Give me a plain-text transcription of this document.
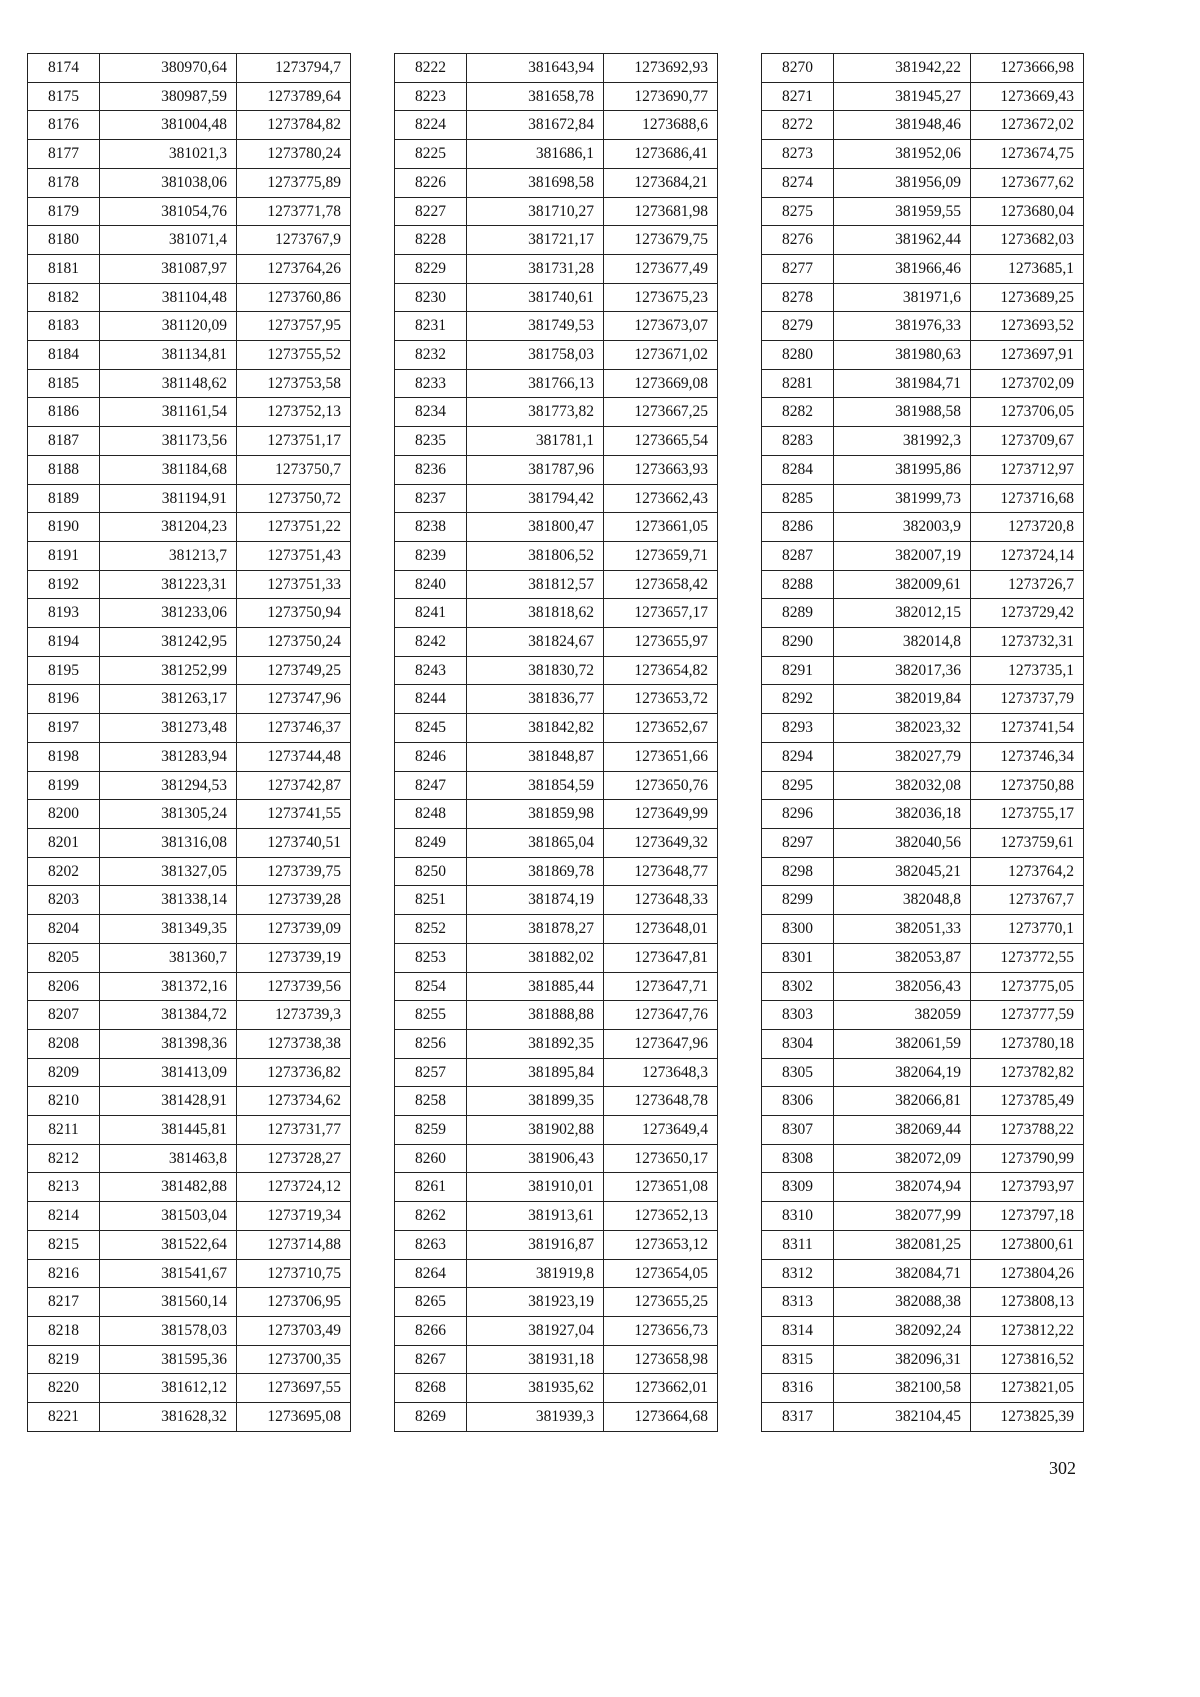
8174	380970,64	1273794,7
8175	380987,59	1273789,64
8176	381004,48	1273784,82
8177	381021,3	1273780,24
8178	381038,06	1273775,89
8179	381054,76	1273771,78
8180	381071,4	1273767,9
8181	381087,97	1273764,26
8182	381104,48	1273760,86
8183	381120,09	1273757,95
8184	381134,81	1273755,52
8185	381148,62	1273753,58
8186	381161,54	1273752,13
8187	381173,56	1273751,17
8188	381184,68	1273750,7
8189	381194,91	1273750,72
8190	381204,23	1273751,22
8191	381213,7	1273751,43
8192	381223,31	1273751,33
8193	381233,06	1273750,94
8194	381242,95	1273750,24
8195	381252,99	1273749,25
8196	381263,17	1273747,96
8197	381273,48	1273746,37
8198	381283,94	1273744,48
8199	381294,53	1273742,87
8200	381305,24	1273741,55
8201	381316,08	1273740,51
8202	381327,05	1273739,75
8203	381338,14	1273739,28
8204	381349,35	1273739,09
8205	381360,7	1273739,19
8206	381372,16	1273739,56
8207	381384,72	1273739,3
8208	381398,36	1273738,38
8209	381413,09	1273736,82
8210	381428,91	1273734,62
8211	381445,81	1273731,77
8212	381463,8	1273728,27
8213	381482,88	1273724,12
8214	381503,04	1273719,34
8215	381522,64	1273714,88
8216	381541,67	1273710,75
8217	381560,14	1273706,95
8218	381578,03	1273703,49
8219	381595,36	1273700,35
8220	381612,12	1273697,55
8221	381628,32	1273695,08
8222	381643,94	1273692,93
8223	381658,78	1273690,77
8224	381672,84	1273688,6
8225	381686,1	1273686,41
8226	381698,58	1273684,21
8227	381710,27	1273681,98
8228	381721,17	1273679,75
8229	381731,28	1273677,49
8230	381740,61	1273675,23
8231	381749,53	1273673,07
8232	381758,03	1273671,02
8233	381766,13	1273669,08
8234	381773,82	1273667,25
8235	381781,1	1273665,54
8236	381787,96	1273663,93
8237	381794,42	1273662,43
8238	381800,47	1273661,05
8239	381806,52	1273659,71
8240	381812,57	1273658,42
8241	381818,62	1273657,17
8242	381824,67	1273655,97
8243	381830,72	1273654,82
8244	381836,77	1273653,72
8245	381842,82	1273652,67
8246	381848,87	1273651,66
8247	381854,59	1273650,76
8248	381859,98	1273649,99
8249	381865,04	1273649,32
8250	381869,78	1273648,77
8251	381874,19	1273648,33
8252	381878,27	1273648,01
8253	381882,02	1273647,81
8254	381885,44	1273647,71
8255	381888,88	1273647,76
8256	381892,35	1273647,96
8257	381895,84	1273648,3
8258	381899,35	1273648,78
8259	381902,88	1273649,4
8260	381906,43	1273650,17
8261	381910,01	1273651,08
8262	381913,61	1273652,13
8263	381916,87	1273653,12
8264	381919,8	1273654,05
8265	381923,19	1273655,25
8266	381927,04	1273656,73
8267	381931,18	1273658,98
8268	381935,62	1273662,01
8269	381939,3	1273664,68
8270	381942,22	1273666,98
8271	381945,27	1273669,43
8272	381948,46	1273672,02
8273	381952,06	1273674,75
8274	381956,09	1273677,62
8275	381959,55	1273680,04
8276	381962,44	1273682,03
8277	381966,46	1273685,1
8278	381971,6	1273689,25
8279	381976,33	1273693,52
8280	381980,63	1273697,91
8281	381984,71	1273702,09
8282	381988,58	1273706,05
8283	381992,3	1273709,67
8284	381995,86	1273712,97
8285	381999,73	1273716,68
8286	382003,9	1273720,8
8287	382007,19	1273724,14
8288	382009,61	1273726,7
8289	382012,15	1273729,42
8290	382014,8	1273732,31
8291	382017,36	1273735,1
8292	382019,84	1273737,79
8293	382023,32	1273741,54
8294	382027,79	1273746,34
8295	382032,08	1273750,88
8296	382036,18	1273755,17
8297	382040,56	1273759,61
8298	382045,21	1273764,2
8299	382048,8	1273767,7
8300	382051,33	1273770,1
8301	382053,87	1273772,55
8302	382056,43	1273775,05
8303	382059	1273777,59
8304	382061,59	1273780,18
8305	382064,19	1273782,82
8306	382066,81	1273785,49
8307	382069,44	1273788,22
8308	382072,09	1273790,99
8309	382074,94	1273793,97
8310	382077,99	1273797,18
8311	382081,25	1273800,61
8312	382084,71	1273804,26
8313	382088,38	1273808,13
8314	382092,24	1273812,22
8315	382096,31	1273816,52
8316	382100,58	1273821,05
8317	382104,45	1273825,39
302
